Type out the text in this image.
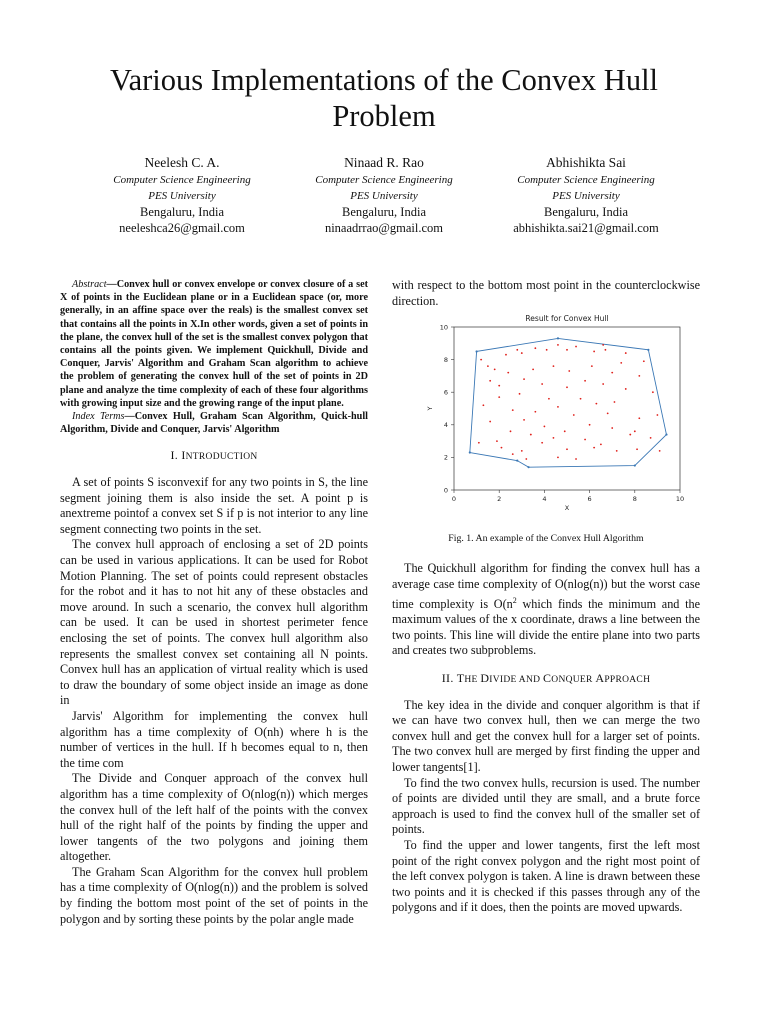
Various Implementations of the Convex Hull Problem
Neelesh C. A.
Computer Science Engineering
PES University
Bengaluru, India
neeleshca26@gmail.com
Ninaad R. Rao
Computer Science Engineering
PES University
Bengaluru, India
ninaadrrao@gmail.com
Abhishikta Sai
Computer Science Engineering
PES University
Bengaluru, India
abhishikta.sai21@gmail.com

Abstract—Convex hull or convex envelope or convex closure of a set X of points in the Euclidean plane or in a Euclidean space (or, more generally, in an affine space over the reals) is the smallest convex set that contains all the points in X.In other words, given a set of points in the plane, the convex hull of the set is the smallest convex polygon that contains all the points given. We implement Quickhull, Divide and Conquer, Jarvis' Algorithm and Graham Scan algorithm to achieve the problem of generating the convex hull of the set of points in 2D plane and analyze the time complexity of each of these four algorithms with growing input size and the growing range of the input plane.

Index Terms—Convex Hull, Graham Scan Algorithm, Quick-hull Algorithm, Divide and Conquer, Jarvis' Algorithm

I. INTRODUCTION

A set of points S isconvexif for any two points in S, the line segment joining them is also inside the set. A point p is anextreme pointof a convex set S if p is not interior to any line segment connecting two points in the set.

The convex hull approach of enclosing a set of 2D points can be used in various applications. It can be used for Robot Motion Planning. The set of points could represent obstacles for the robot and it has to not hit any of these obstacles and move around. In such a scenario, the convex hull algorithm can be used. It can be used in shortest perimeter fence enclosing the set of points. The convex hull algorithm also represents the smallest convex set containing all N points. Convex hull has an application of virtual reality which is used to draw the boundary of some object inside an image as done in

Jarvis' Algorithm for implementing the convex hull algorithm has a time complexity of O(nh) where h is the number of vertices in the hull. If h becomes equal to n, then the time com

The Divide and Conquer approach of the convex hull algorithm has a time complexity of O(nlog(n)) which merges the convex hull of the left half of the points with the convex hull of the right half of the points by finding the upper and lower tangents of the two polygons and joining them altogether.

The Graham Scan Algorithm for the convex hull problem has a time complexity of O(nlog(n)) and the problem is solved by finding the bottom most point of the set of points in the polygon and by sorting these points by the polar angle made

with respect to the bottom most point in the counterclockwise direction.

Result for Convex Hull
0	2	4	6	8	10
0
2
4
6
8
10
X
Y
Fig. 1. An example of the Convex Hull Algorithm

The Quickhull algorithm for finding the convex hull has a average case time complexity of O(nlog(n)) but the worst case time complexity is $O(n^2$ which finds the minimum and the maximum values of the x coordinate, draws a line between the two points. This line will divide the entire plane into two parts and creates two subproblems.

II. THE DIVIDE AND CONQUER APPROACH

The key idea in the divide and conquer algorithm is that if we can have two convex hull, then we can merge the two convex hull and get the convex hull for a larger set of points. The two convex hull are merged by first finding the upper and lower tangents[1].

To find the two convex hulls, recursion is used. The number of points are divided until they are small, and a brute force approach is used to find the convex hull of the smaller set of points.

To find the upper and lower tangents, first the left most point of the right convex polygon and the right most point of the left convex polygon is taken. A line is drawn between these two points and it is checked if this passes through any of the polygons and if it does, then the points are moved upwards.
